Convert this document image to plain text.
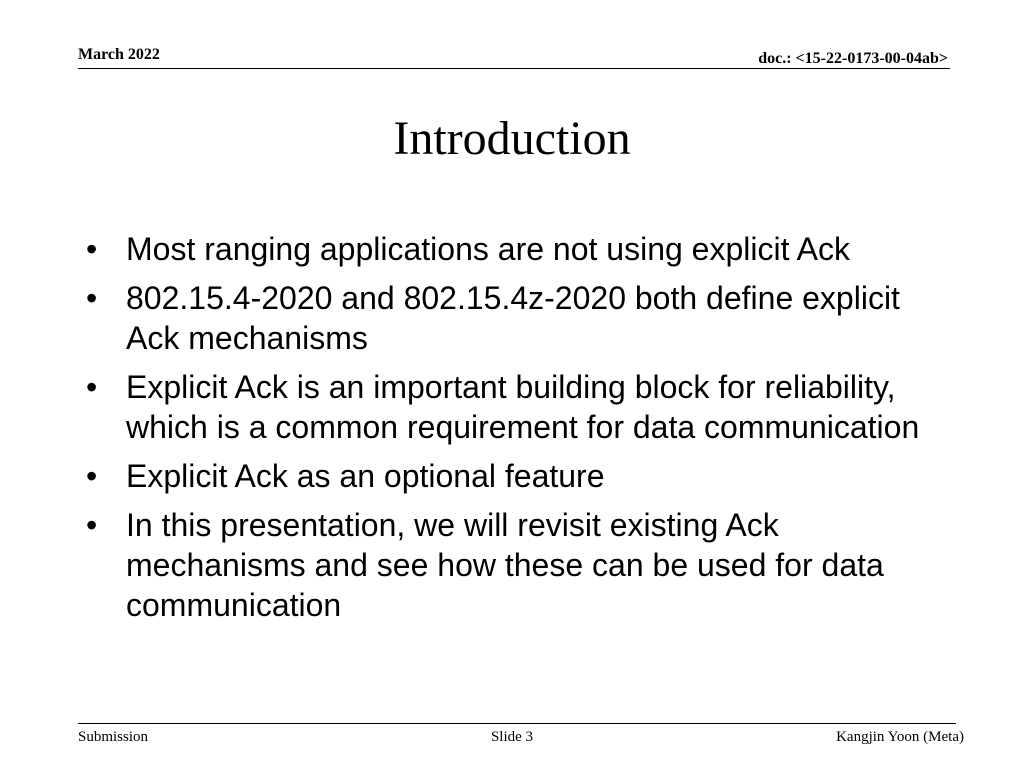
March 2022	doc.: <15-22-0173-00-04ab>
Introduction
• Most ranging applications are not using explicit Ack
• 802.15.4-2020 and 802.15.4z-2020 both define explicit Ack mechanisms
• Explicit Ack is an important building block for reliability, which is a common requirement for data communication
• Explicit Ack as an optional feature
• In this presentation, we will revisit existing Ack mechanisms and see how these can be used for data communication
Submission	Slide 3	Kangjin Yoon (Meta)
